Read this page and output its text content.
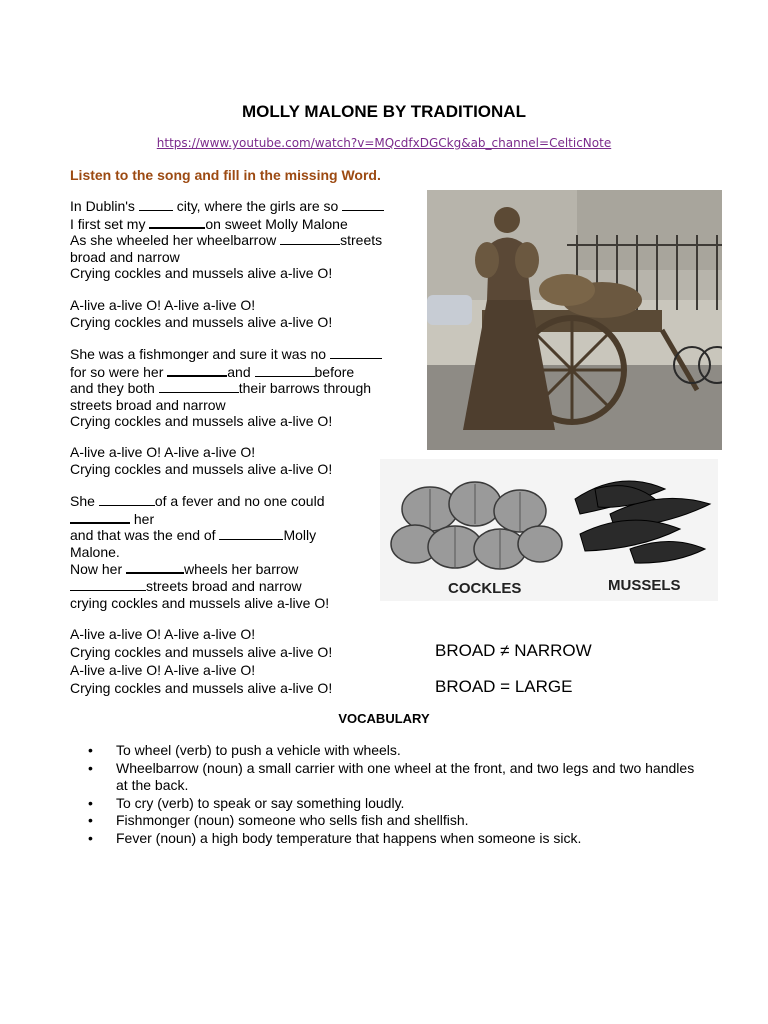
MOLLY MALONE BY TRADITIONAL
https://www.youtube.com/watch?v=MQcdfxDGCkg&ab_channel=CelticNote
Listen to the song and fill in the missing Word.

In Dublin's  city, where the girls are so

I first set my	on sweet Molly Malone

As she wheeled her wheelbarrow	streets

broad and narrow

Crying cockles and mussels alive a-live O!

A-live a-live O! A-live a-live O!

Crying cockles and mussels alive a-live O!

She was a fishmonger and sure it was no

for so were her	and	before

and they both	their barrows through

streets broad and narrow

Crying cockles and mussels alive a-live O!

A-live a-live O! A-live a-live O!

Crying cockles and mussels alive a-live O!

She	of a fever and no one could

her

and that was the end of	Molly

Malone.

Now her	wheels her barrow

streets broad and narrow

crying cockles and mussels alive a-live O!

A-live a-live O! A-live a-live O!

Crying cockles and mussels alive a-live O!

A-live a-live O! A-live a-live O!

Crying cockles and mussels alive a-live O!

COCKLES	MUSSELS
BROAD ≠ NARROW
BROAD = LARGE
VOCABULARY
• To wheel (verb) to push a vehicle with wheels.
• Wheelbarrow (noun) a small carrier with one wheel at the front, and two legs and two handles at the back.
• To cry (verb) to speak or say something loudly.
• Fishmonger (noun) someone who sells fish and shellfish.
• Fever (noun) a high body temperature that happens when someone is sick.
